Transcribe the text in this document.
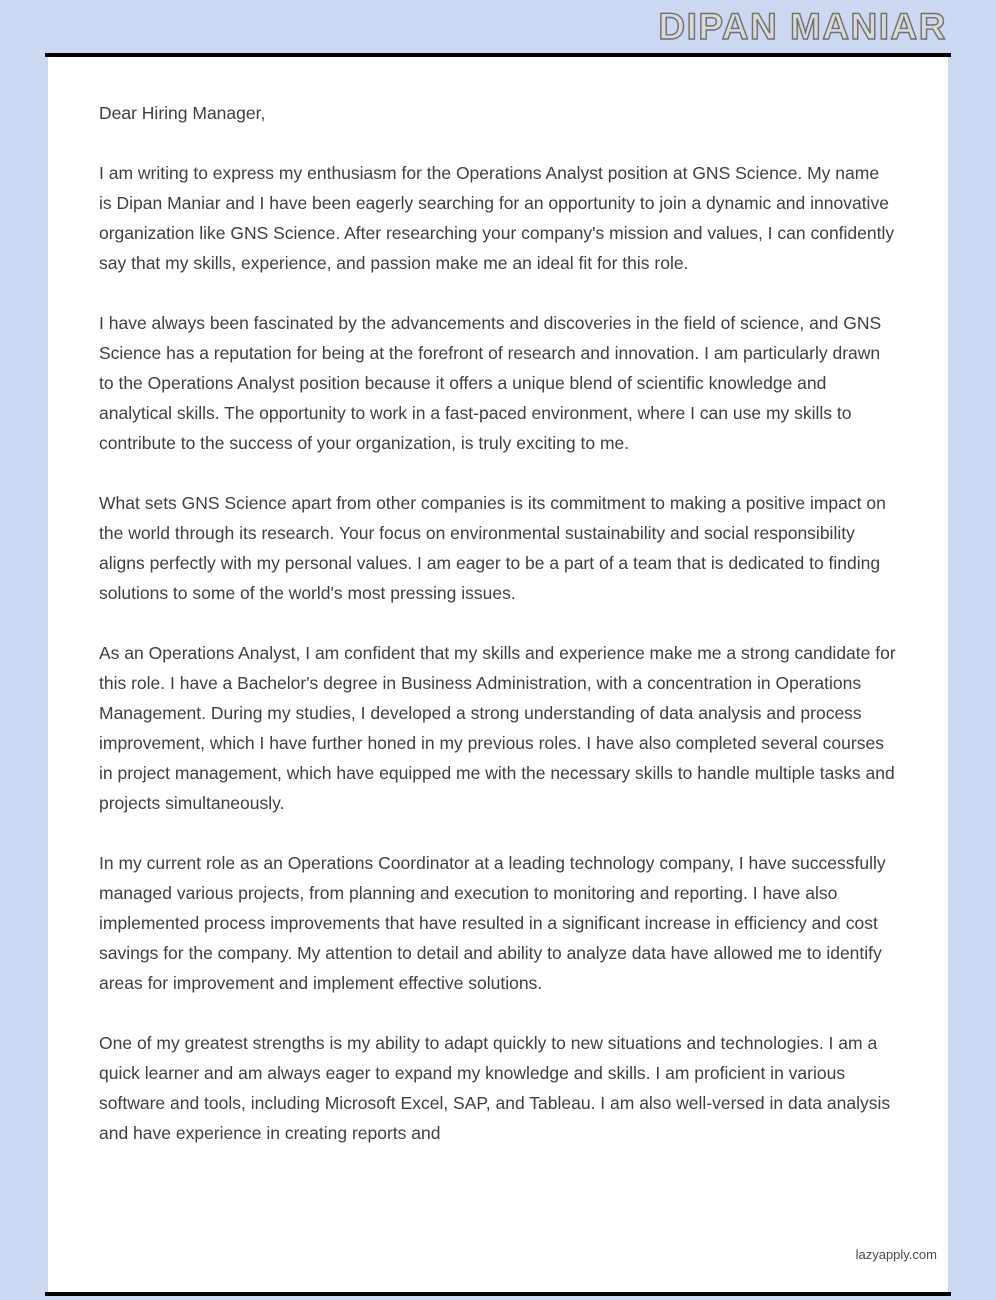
DIPAN MANIAR

Dear Hiring Manager,

I am writing to express my enthusiasm for the Operations Analyst position at GNS Science. My name is Dipan Maniar and I have been eagerly searching for an opportunity to join a dynamic and innovative organization like GNS Science. After researching your company's mission and values, I can confidently say that my skills, experience, and passion make me an ideal fit for this role.

I have always been fascinated by the advancements and discoveries in the field of science, and GNS Science has a reputation for being at the forefront of research and innovation. I am particularly drawn to the Operations Analyst position because it offers a unique blend of scientific knowledge and analytical skills. The opportunity to work in a fast-paced environment, where I can use my skills to contribute to the success of your organization, is truly exciting to me.

What sets GNS Science apart from other companies is its commitment to making a positive impact on the world through its research. Your focus on environmental sustainability and social responsibility aligns perfectly with my personal values. I am eager to be a part of a team that is dedicated to finding solutions to some of the world's most pressing issues.

As an Operations Analyst, I am confident that my skills and experience make me a strong candidate for this role. I have a Bachelor's degree in Business Administration, with a concentration in Operations Management. During my studies, I developed a strong understanding of data analysis and process improvement, which I have further honed in my previous roles. I have also completed several courses in project management, which have equipped me with the necessary skills to handle multiple tasks and projects simultaneously.

In my current role as an Operations Coordinator at a leading technology company, I have successfully managed various projects, from planning and execution to monitoring and reporting. I have also implemented process improvements that have resulted in a significant increase in efficiency and cost savings for the company. My attention to detail and ability to analyze data have allowed me to identify areas for improvement and implement effective solutions.

One of my greatest strengths is my ability to adapt quickly to new situations and technologies. I am a quick learner and am always eager to expand my knowledge and skills. I am proficient in various software and tools, including Microsoft Excel, SAP, and Tableau. I am also well-versed in data analysis and have experience in creating reports and

lazyapply.com
